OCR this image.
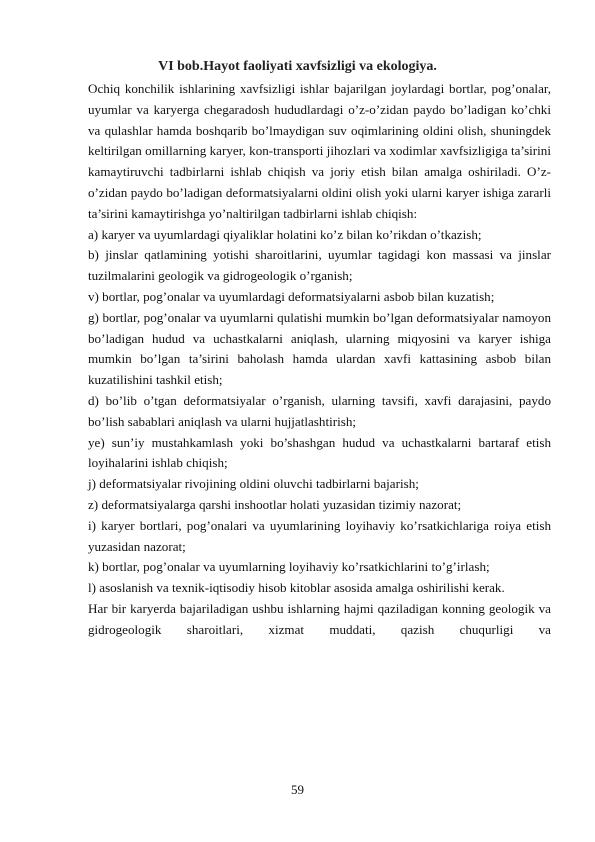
VI bob.Hayot faoliyati xavfsizligi va ekologiya.

Ochiq konchilik ishlarining xavfsizligi ishlar bajarilgan joylardagi bortlar, pog’onalar, uyumlar va karyerga chegaradosh hududlardagi o’z-o’zidan paydo bo’ladigan ko’chki va qulashlar hamda boshqarib bo’lmaydigan suv oqimlarining oldini olish, shuningdek keltirilgan omillarning karyer, kon-transporti jihozlari va xodimlar xavfsizligiga ta’sirini kamaytiruvchi tadbirlarni ishlab chiqish va joriy etish bilan amalga oshiriladi. O’z-o’zidan paydo bo’ladigan deformatsiyalarni oldini olish yoki ularni karyer ishiga zararli ta’sirini kamaytirishga yo’naltirilgan tadbirlarni ishlab chiqish:

a) karyer va uyumlardagi qiyaliklar holatini ko’z bilan ko’rikdan o’tkazish;

b) jinslar qatlamining yotishi sharoitlarini, uyumlar tagidagi kon massasi va jinslar tuzilmalarini geologik va gidrogeologik o’rganish;

v) bortlar, pog’onalar va uyumlardagi deformatsiyalarni asbob bilan kuzatish;

g) bortlar, pog’onalar va uyumlarni qulatishi mumkin bo’lgan deformatsiyalar namoyon bo’ladigan hudud va uchastkalarni aniqlash, ularning miqyosini va karyer ishiga mumkin bo’lgan ta’sirini baholash hamda ulardan xavfi kattasining asbob bilan kuzatilishini tashkil etish;

d) bo’lib o’tgan deformatsiyalar o’rganish, ularning tavsifi, xavfi darajasini, paydo bo’lish sabablari aniqlash va ularni hujjatlashtirish;

ye) sun’iy mustahkamlash yoki bo’shashgan hudud va uchastkalarni bartaraf etish loyihalarini ishlab chiqish;

j) deformatsiyalar rivojining oldini oluvchi tadbirlarni bajarish;

z) deformatsiyalarga qarshi inshootlar holati yuzasidan tizimiy nazorat;

i) karyer bortlari, pog’onalari va uyumlarining loyihaviy ko’rsatkichlariga roiya etish yuzasidan nazorat;

k) bortlar, pog’onalar va uyumlarning loyihaviy ko’rsatkichlarini to’g’irlash;

l) asoslanish va texnik-iqtisodiy hisob kitoblar asosida amalga oshirilishi kerak.

Har bir karyerda bajariladigan ushbu ishlarning hajmi qaziladigan konning geologik va gidrogeologik sharoitlari, xizmat muddati, qazish chuqurligi va

59
